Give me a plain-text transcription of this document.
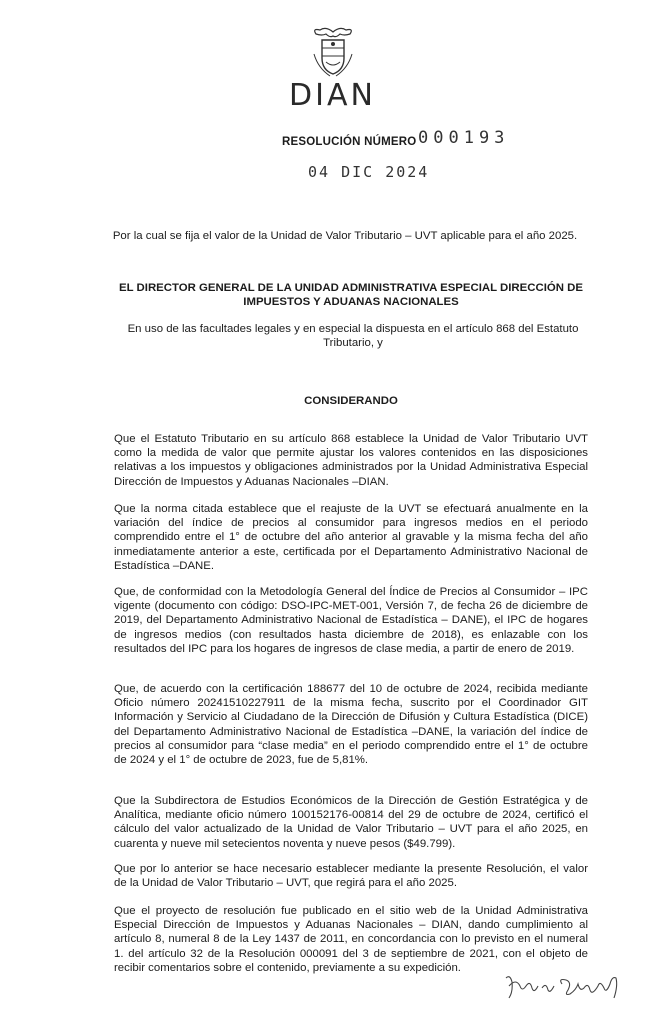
DIAN
RESOLUCIÓN NÚMERO 000193
04 DIC 2024
Por la cual se fija el valor de la Unidad de Valor Tributario – UVT aplicable para el año 2025.
EL DIRECTOR GENERAL DE LA UNIDAD ADMINISTRATIVA ESPECIAL DIRECCIÓN DE IMPUESTOS Y ADUANAS NACIONALES
En uso de las facultades legales y en especial la dispuesta en el artículo 868 del Estatuto Tributario, y
CONSIDERANDO
Que el Estatuto Tributario en su artículo 868 establece la Unidad de Valor Tributario UVT como la medida de valor que permite ajustar los valores contenidos en las disposiciones relativas a los impuestos y obligaciones administrados por la Unidad Administrativa Especial Dirección de Impuestos y Aduanas Nacionales –DIAN.
Que la norma citada establece que el reajuste de la UVT se efectuará anualmente en la variación del índice de precios al consumidor para ingresos medios en el periodo comprendido entre el 1° de octubre del año anterior al gravable y la misma fecha del año inmediatamente anterior a este, certificada por el Departamento Administrativo Nacional de Estadística –DANE.
Que, de conformidad con la Metodología General del Índice de Precios al Consumidor – IPC vigente (documento con código: DSO-IPC-MET-001, Versión 7, de fecha 26 de diciembre de 2019, del Departamento Administrativo Nacional de Estadística – DANE), el IPC de hogares de ingresos medios (con resultados hasta diciembre de 2018), es enlazable con los resultados del IPC para los hogares de ingresos de clase media, a partir de enero de 2019.
Que, de acuerdo con la certificación 188677 del 10 de octubre de 2024, recibida mediante Oficio número 20241510227911 de la misma fecha, suscrito por el Coordinador GIT Información y Servicio al Ciudadano de la Dirección de Difusión y Cultura Estadística (DICE) del Departamento Administrativo Nacional de Estadística –DANE, la variación del índice de precios al consumidor para “clase media” en el periodo comprendido entre el 1° de octubre de 2024 y el 1° de octubre de 2023, fue de 5,81%.
Que la Subdirectora de Estudios Económicos de la Dirección de Gestión Estratégica y de Analítica, mediante oficio número 100152176-00814 del 29 de octubre de 2024, certificó el cálculo del valor actualizado de la Unidad de Valor Tributario – UVT para el año 2025, en cuarenta y nueve mil setecientos noventa y nueve pesos ($49.799).
Que por lo anterior se hace necesario establecer mediante la presente Resolución, el valor de la Unidad de Valor Tributario – UVT, que regirá para el año 2025.
Que el proyecto de resolución fue publicado en el sitio web de la Unidad Administrativa Especial Dirección de Impuestos y Aduanas Nacionales – DIAN, dando cumplimiento al artículo 8, numeral 8 de la Ley 1437 de 2011, en concordancia con lo previsto en el numeral 1. del artículo 32 de la Resolución 000091 del 3 de septiembre de 2021, con el objeto de recibir comentarios sobre el contenido, previamente a su expedición.
